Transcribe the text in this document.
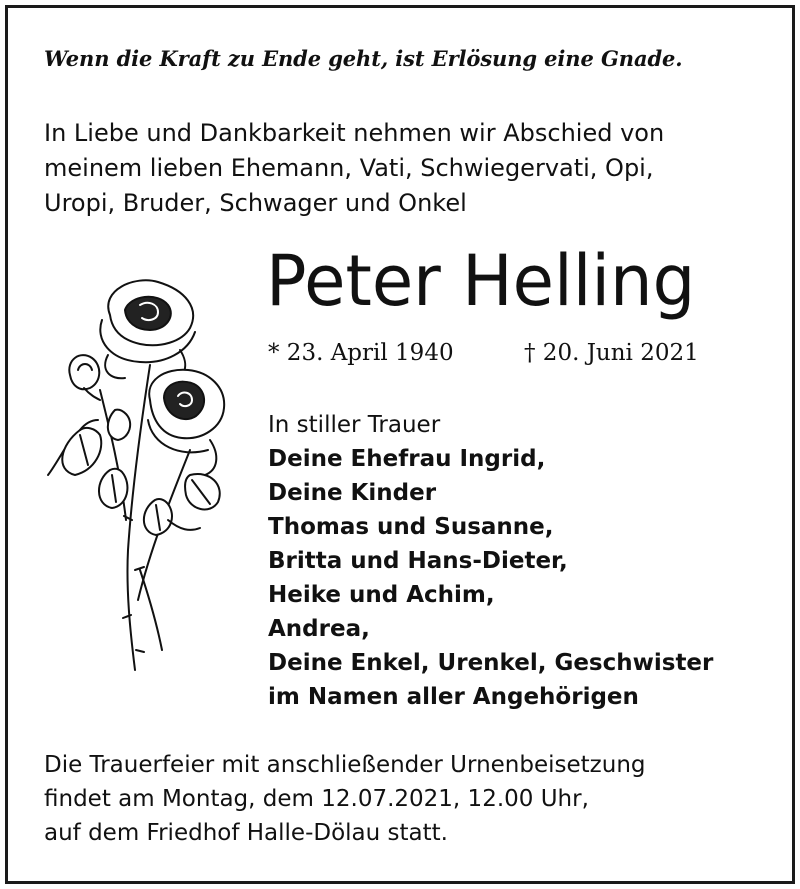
Wenn die Kraft zu Ende geht, ist Erlösung eine Gnade.
In Liebe und Dankbarkeit nehmen wir Abschied von
meinem lieben Ehemann, Vati, Schwiegervati, Opi,
Uropi, Bruder, Schwager und Onkel
Peter Helling
* 23. April 1940	† 20. Juni 2021
In stiller Trauer
Deine Ehefrau Ingrid,
Deine Kinder
Thomas und Susanne,
Britta und Hans-Dieter,
Heike und Achim,
Andrea,
Deine Enkel, Urenkel, Geschwister
im Namen aller Angehörigen
Die Trauerfeier mit anschließender Urnenbeisetzung
findet am Montag, dem 12.07.2021, 12.00 Uhr,
auf dem Friedhof Halle-Dölau statt.
